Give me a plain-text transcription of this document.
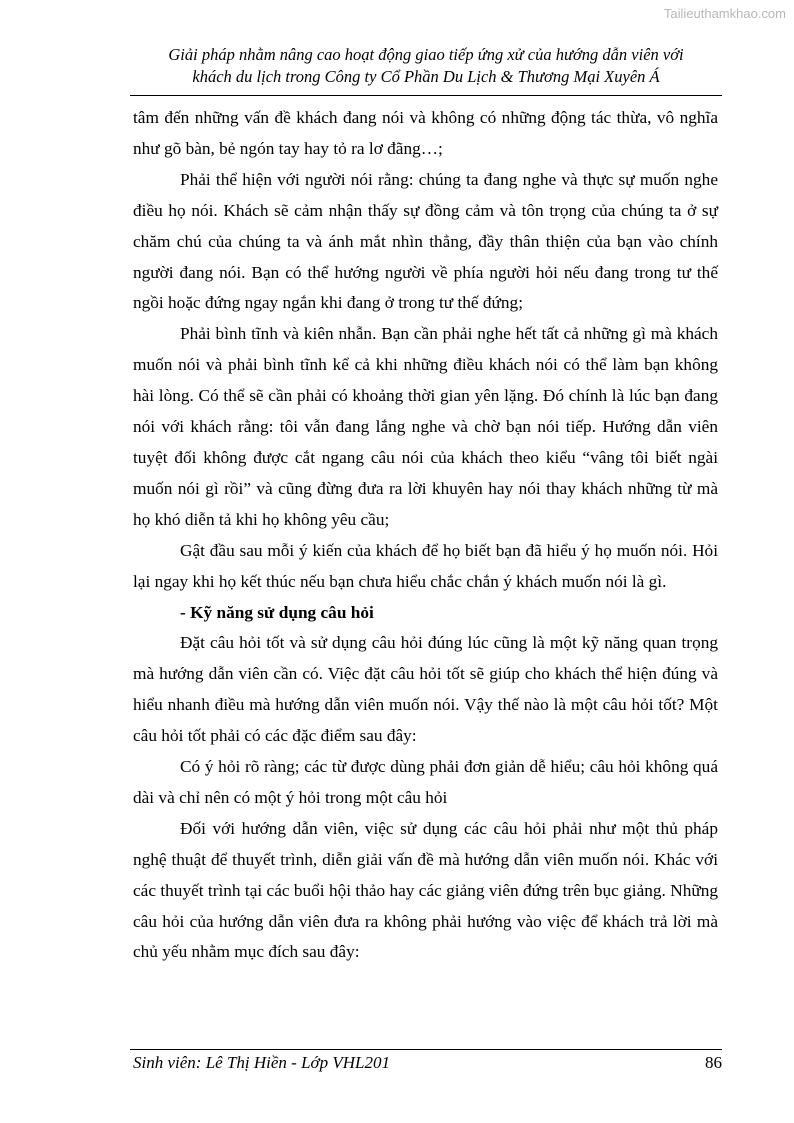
Tailieuthamkhao.com
Giải pháp nhằm nâng cao hoạt động giao tiếp ứng xử của hướng dẫn viên với
khách du lịch trong Công ty Cổ Phần Du Lịch & Thương Mại Xuyên Á

tâm đến những vấn đề khách đang nói và không có những động tác thừa, vô nghĩa như gõ bàn, bẻ ngón tay hay tỏ ra lơ đãng…;

Phải thể hiện với người nói rằng: chúng ta đang nghe và thực sự muốn nghe điều họ nói. Khách sẽ cảm nhận thấy sự đồng cảm và tôn trọng của chúng ta ở sự chăm chú của chúng ta và ánh mắt nhìn thẳng, đầy thân thiện của bạn vào chính người đang nói. Bạn có thể hướng người về phía người hỏi nếu đang trong tư thế ngồi hoặc đứng ngay ngắn khi đang ở trong tư thế đứng;

Phải bình tĩnh và kiên nhẫn. Bạn cần phải nghe hết tất cả những gì mà khách muốn nói và phải bình tĩnh kể cả khi những điều khách nói có thể làm bạn không hài lòng. Có thể sẽ cần phải có khoảng thời gian yên lặng. Đó chính là lúc bạn đang nói với khách rằng: tôi vẫn đang lắng nghe và chờ bạn nói tiếp. Hướng dẫn viên tuyệt đối không được cắt ngang câu nói của khách theo kiểu “vâng tôi biết ngài muốn nói gì rồi” và cũng đừng đưa ra lời khuyên hay nói thay khách những từ mà họ khó diễn tả khi họ không yêu cầu;

Gật đầu sau mỗi ý kiến của khách để họ biết bạn đã hiểu ý họ muốn nói. Hỏi lại ngay khi họ kết thúc nếu bạn chưa hiểu chắc chắn ý khách muốn nói là gì.

- Kỹ năng sử dụng câu hỏi

Đặt câu hỏi tốt và sử dụng câu hỏi đúng lúc cũng là một kỹ năng quan trọng mà hướng dẫn viên cần có. Việc đặt câu hỏi tốt sẽ giúp cho khách thể hiện đúng và hiểu nhanh điều mà hướng dẫn viên muốn nói. Vậy thế nào là một câu hỏi tốt? Một câu hỏi tốt phải có các đặc điểm sau đây:

Có ý hỏi rõ ràng; các từ được dùng phải đơn giản dễ hiểu; câu hỏi không quá dài và chỉ nên có một ý hỏi trong một câu hỏi

Đối với hướng dẫn viên, việc sử dụng các câu hỏi phải như một thủ pháp nghệ thuật để thuyết trình, diễn giải vấn đề mà hướng dẫn viên muốn nói. Khác với các thuyết trình tại các buổi hội thảo hay các giảng viên đứng trên bục giảng. Những câu hỏi của hướng dẫn viên đưa ra không phải hướng vào việc để khách trả lời mà chủ yếu nhằm mục đích sau đây:

Sinh viên: Lê Thị Hiền - Lớp VHL201	86
